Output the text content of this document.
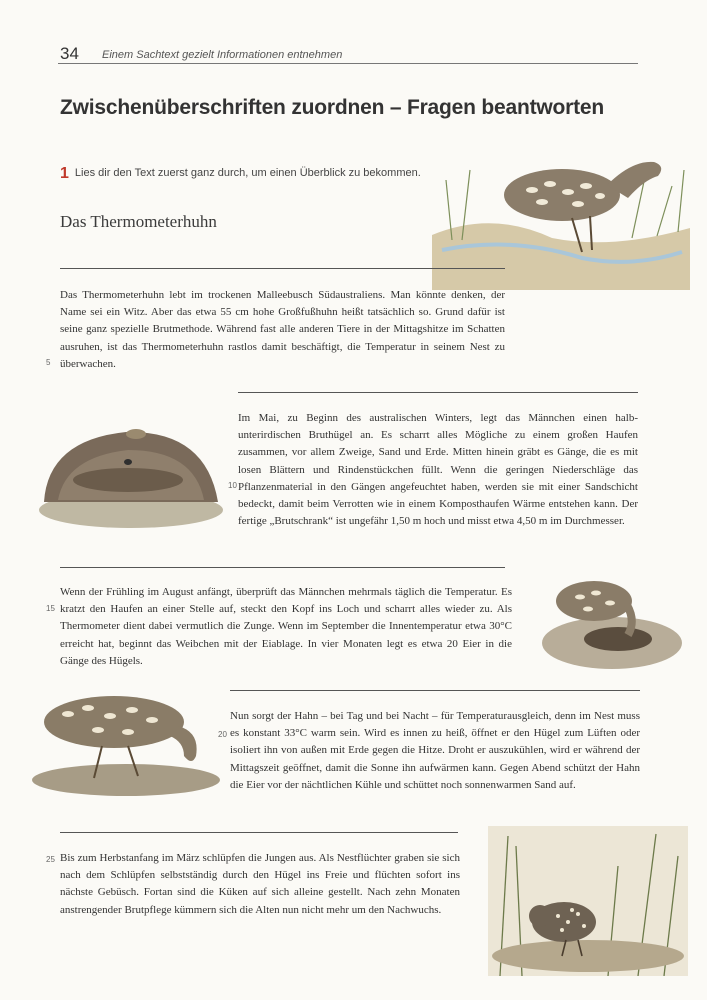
34 Einem Sachtext gezielt Informationen entnehmen
Zwischenüberschriften zuordnen – Fragen beantworten
1 Lies dir den Text zuerst ganz durch, um einen Überblick zu bekommen.
Das Thermometerhuhn
Das Thermometerhuhn lebt im trockenen Malleebusch Südaustraliens. Man könnte denken, der Name sei ein Witz. Aber das etwa 55 cm hohe Großfußhuhn heißt tatsächlich so. Grund dafür ist seine ganz spezielle Brutmethode. Während fast alle anderen Tiere in der Mittagshitze im Schatten ausruhen, ist das Thermometerhuhn rastlos damit beschäftigt, die Temperatur in seinem Nest zu überwachen.
5
Im Mai, zu Beginn des australischen Winters, legt das Männchen einen halb-unterirdischen Bruthügel an. Es scharrt alles Mögliche zu einem großen Haufen zusammen, vor allem Zweige, Sand und Erde. Mitten hinein gräbt es Gänge, die es mit losen Blättern und Rindenstückchen füllt. Wenn die geringen Niederschläge das Pflanzenmaterial in den Gängen angefeuchtet haben, werden sie mit einer Sandschicht bedeckt, damit beim Verrotten wie in einem Komposthaufen Wärme entstehen kann. Der fertige „Brutschrank“ ist ungefähr 1,50 m hoch und misst etwa 4,50 m im Durchmesser.
10
Wenn der Frühling im August anfängt, überprüft das Männchen mehrmals täglich die Temperatur. Es kratzt den Haufen an einer Stelle auf, steckt den Kopf ins Loch und scharrt alles wieder zu. Als Thermometer dient dabei vermutlich die Zunge. Wenn im September die Innentemperatur etwa 30°C erreicht hat, beginnt das Weibchen mit der Eiablage. In vier Monaten legt es etwa 20 Eier in die Gänge des Hügels.
15
Nun sorgt der Hahn – bei Tag und bei Nacht – für Temperaturausgleich, denn im Nest muss es konstant 33°C warm sein. Wird es innen zu heiß, öffnet er den Hügel zum Lüften oder isoliert ihn von außen mit Erde gegen die Hitze. Droht er auszukühlen, wird er während der Mittagszeit geöffnet, damit die Sonne ihn aufwärmen kann. Gegen Abend schützt der Hahn die Eier vor der nächtlichen Kühle und schüttet noch sonnenwarmen Sand auf.
20
Bis zum Herbstanfang im März schlüpfen die Jungen aus. Als Nestflüchter graben sie sich nach dem Schlüpfen selbstständig durch den Hügel ins Freie und flüchten sofort ins nächste Gebüsch. Fortan sind die Küken auf sich alleine gestellt. Nach zehn Monaten anstrengender Brutpflege kümmern sich die Alten nun nicht mehr um den Nachwuchs.
25
